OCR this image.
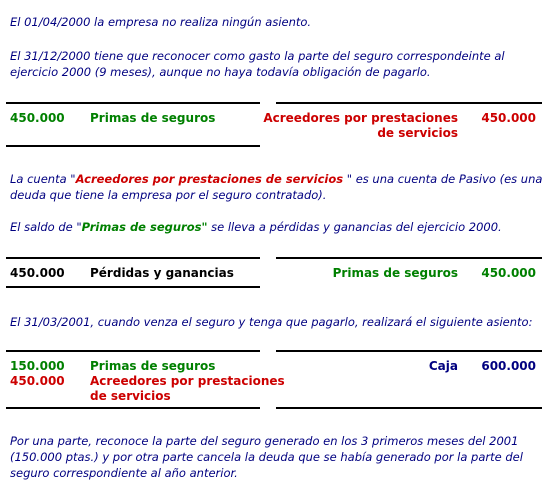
El 01/04/2000 la empresa no realiza ningún asiento.

El 31/12/2000 tiene que reconocer como gasto la parte del seguro correspondeinte al ejercicio 2000 (9 meses), aunque no haya todavía obligación de pagarlo.

450.000 Primas de seguros	Acreedores por prestaciones
de servicios
450.000

La cuenta "Acreedores por prestaciones de servicios " es una cuenta de Pasivo (es una deuda que tiene la empresa por el seguro contratado).

El saldo de "Primas de seguros" se lleva a pérdidas y ganancias del ejercicio 2000.

450.000 Pérdidas y ganancias	Primas de seguros 450.000

El 31/03/2001, cuando venza el seguro y tenga que pagarlo, realizará el siguiente asiento:

150.000 Primas de seguros
450.000 Acreedores por prestaciones
de servicios
Caja 600.000

Por una parte, reconoce la parte del seguro generado en los 3 primeros meses del 2001 (150.000 ptas.) y por otra parte cancela la deuda que se había generado por la parte del seguro correspondiente al año anterior.
